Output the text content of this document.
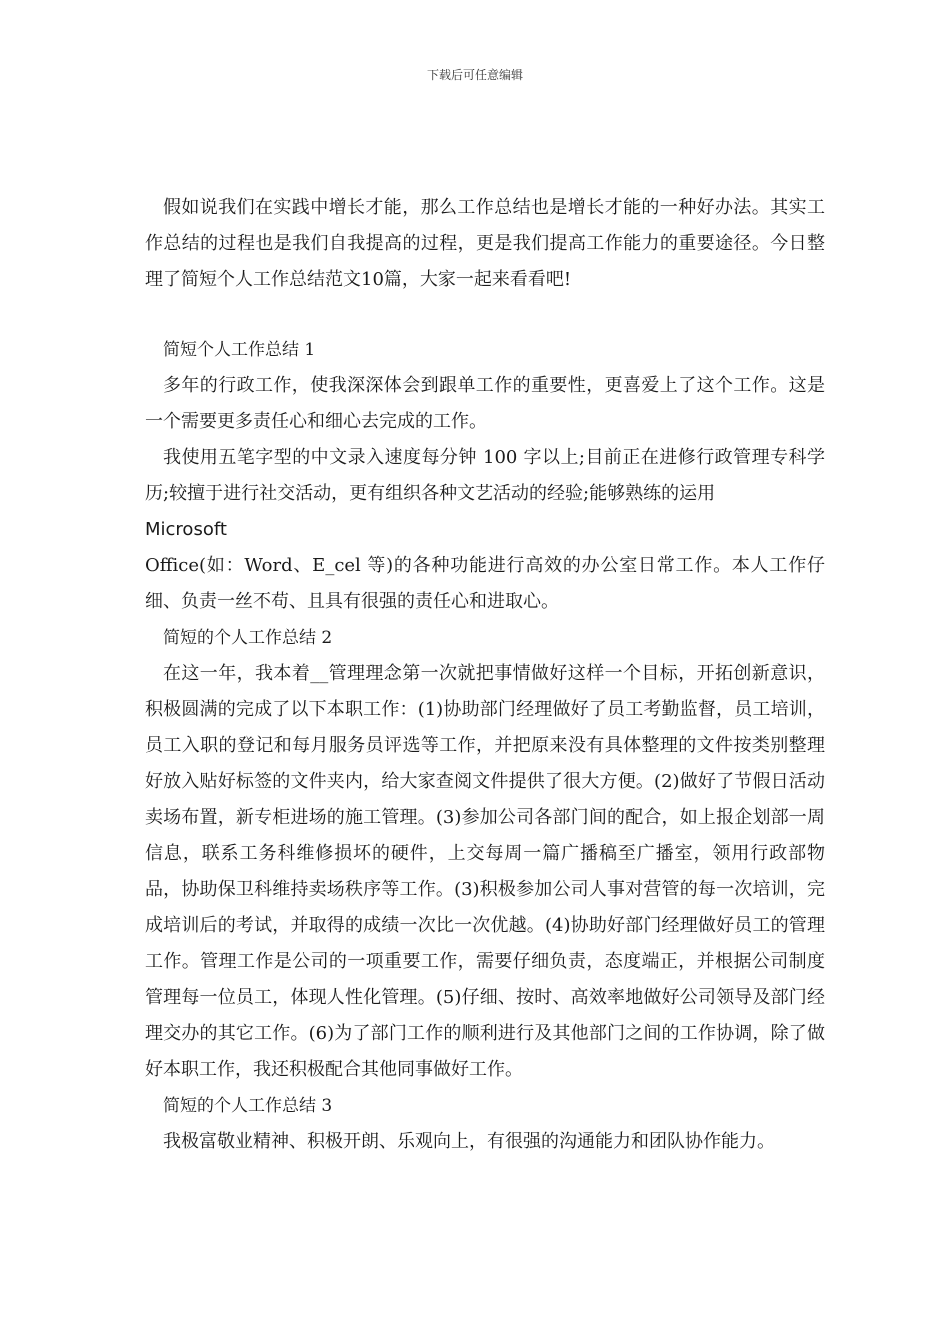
下载后可任意编辑

假如说我们在实践中增长才能，那么工作总结也是增长才能的一种好办法。其实工作总结的过程也是我们自我提高的过程，更是我们提高工作能力的重要途径。今日整理了简短个人工作总结范文10篇，大家一起来看看吧!

简短个人工作总结 1

多年的行政工作，使我深深体会到跟单工作的重要性，更喜爱上了这个工作。这是一个需要更多责任心和细心去完成的工作。

我使用五笔字型的中文录入速度每分钟 100 字以上;目前正在进修行政管理专科学历;较擅于进行社交活动，更有组织各种文艺活动的经验;能够熟练的运用
Microsoft
Office(如：Word、E_cel 等)的各种功能进行高效的办公室日常工作。本人工作仔细、负责一丝不苟、且具有很强的责任心和进取心。

简短的个人工作总结 2

在这一年，我本着__管理理念第一次就把事情做好这样一个目标，开拓创新意识，积极圆满的完成了以下本职工作：(1)协助部门经理做好了员工考勤监督，员工培训，员工入职的登记和每月服务员评选等工作，并把原来没有具体整理的文件按类别整理好放入贴好标签的文件夹内，给大家查阅文件提供了很大方便。(2)做好了节假日活动卖场布置，新专柜进场的施工管理。(3)参加公司各部门间的配合，如上报企划部一周信息，联系工务科维修损坏的硬件，上交每周一篇广播稿至广播室，领用行政部物品，协助保卫科维持卖场秩序等工作。(3)积极参加公司人事对营管的每一次培训，完成培训后的考试，并取得的成绩一次比一次优越。(4)协助好部门经理做好员工的管理工作。管理工作是公司的一项重要工作，需要仔细负责，态度端正，并根据公司制度管理每一位员工，体现人性化管理。(5)仔细、按时、高效率地做好公司领导及部门经理交办的其它工作。(6)为了部门工作的顺利进行及其他部门之间的工作协调，除了做好本职工作，我还积极配合其他同事做好工作。

简短的个人工作总结 3

我极富敬业精神、积极开朗、乐观向上，有很强的沟通能力和团队协作能力。
